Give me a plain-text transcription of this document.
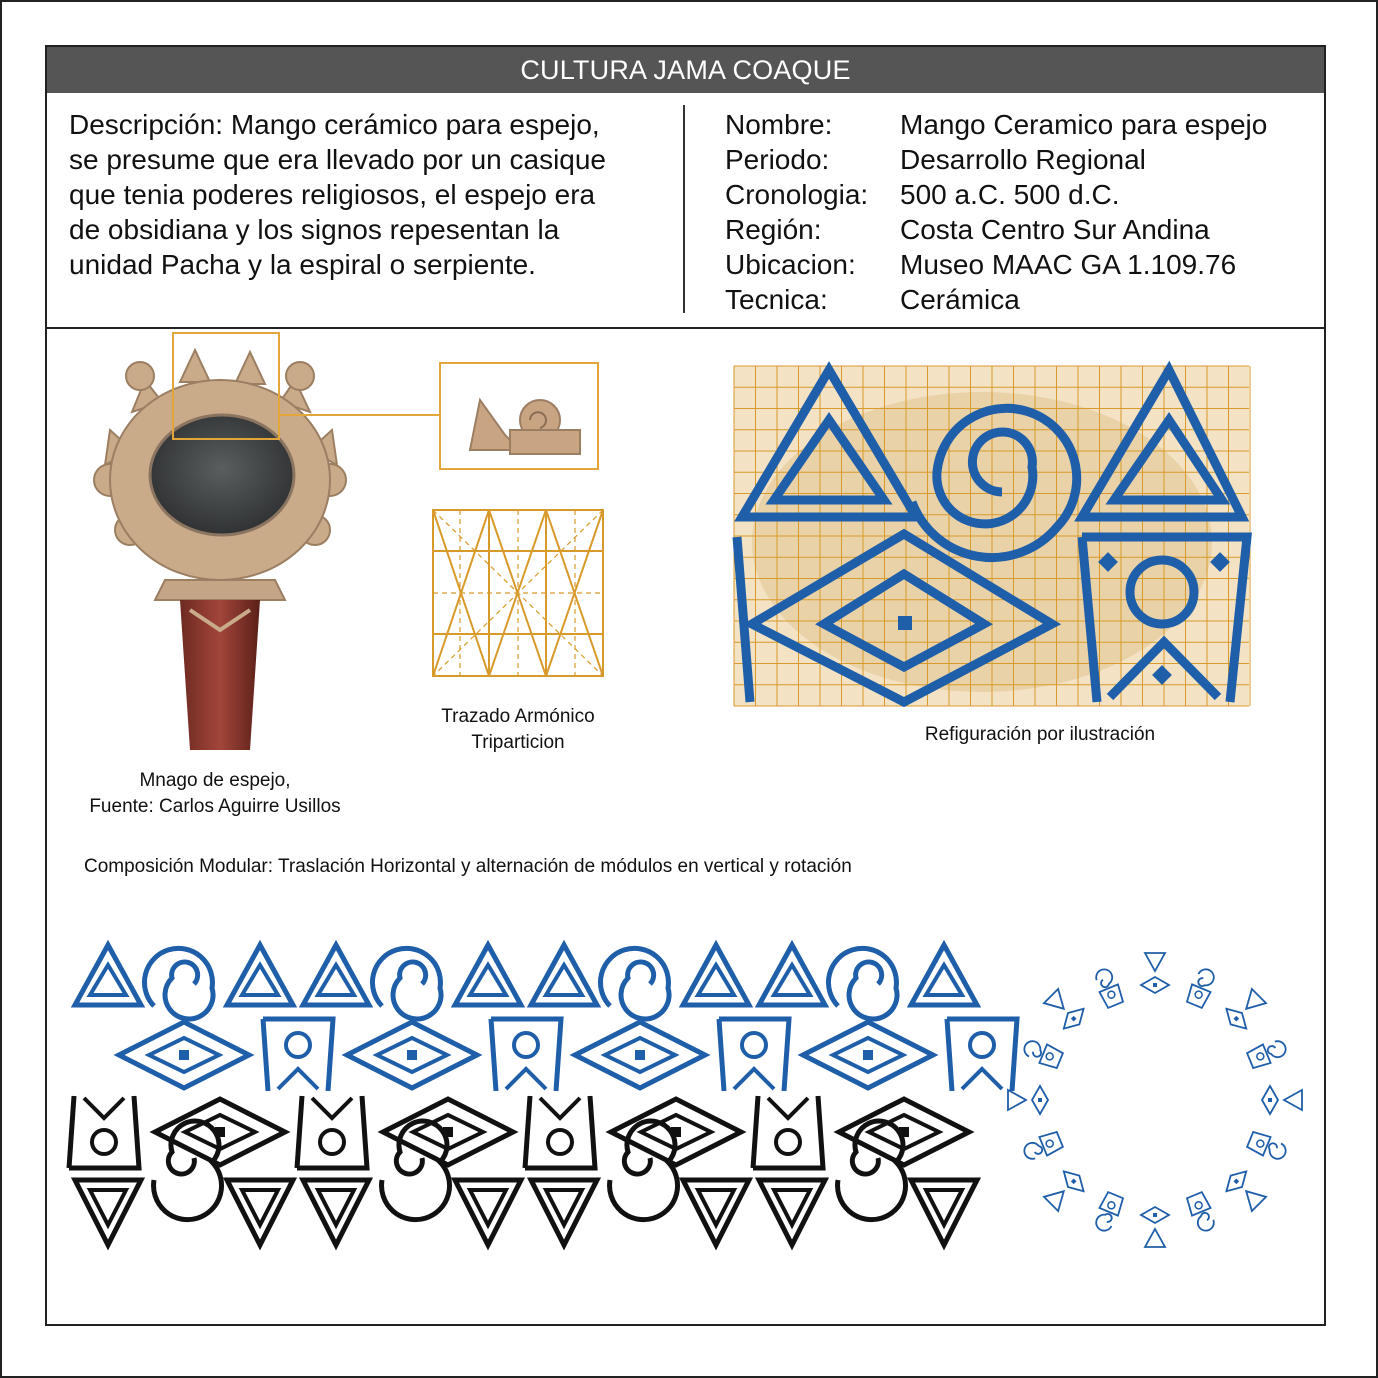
CULTURA JAMA COAQUE
Descripción: Mango cerámico para espejo,
se presume que era llevado por un casique
que tenia poderes religiosos, el espejo era
de obsidiana y los signos repesentan la
unidad Pacha y la espiral o serpiente.
Nombre:	Mango Ceramico para espejo
Periodo:	Desarrollo Regional
Cronologia:	500 a.C. 500 d.C.
Región:	Costa Centro Sur Andina
Ubicacion:	Museo MAAC GA 1.109.76
Tecnica:	Cerámica
Mnago de espejo,
Fuente: Carlos Aguirre Usillos
Trazado Armónico
Triparticion	Refiguración por ilustración
Composición Modular: Traslación Horizontal y alternación de módulos en vertical y rotación
